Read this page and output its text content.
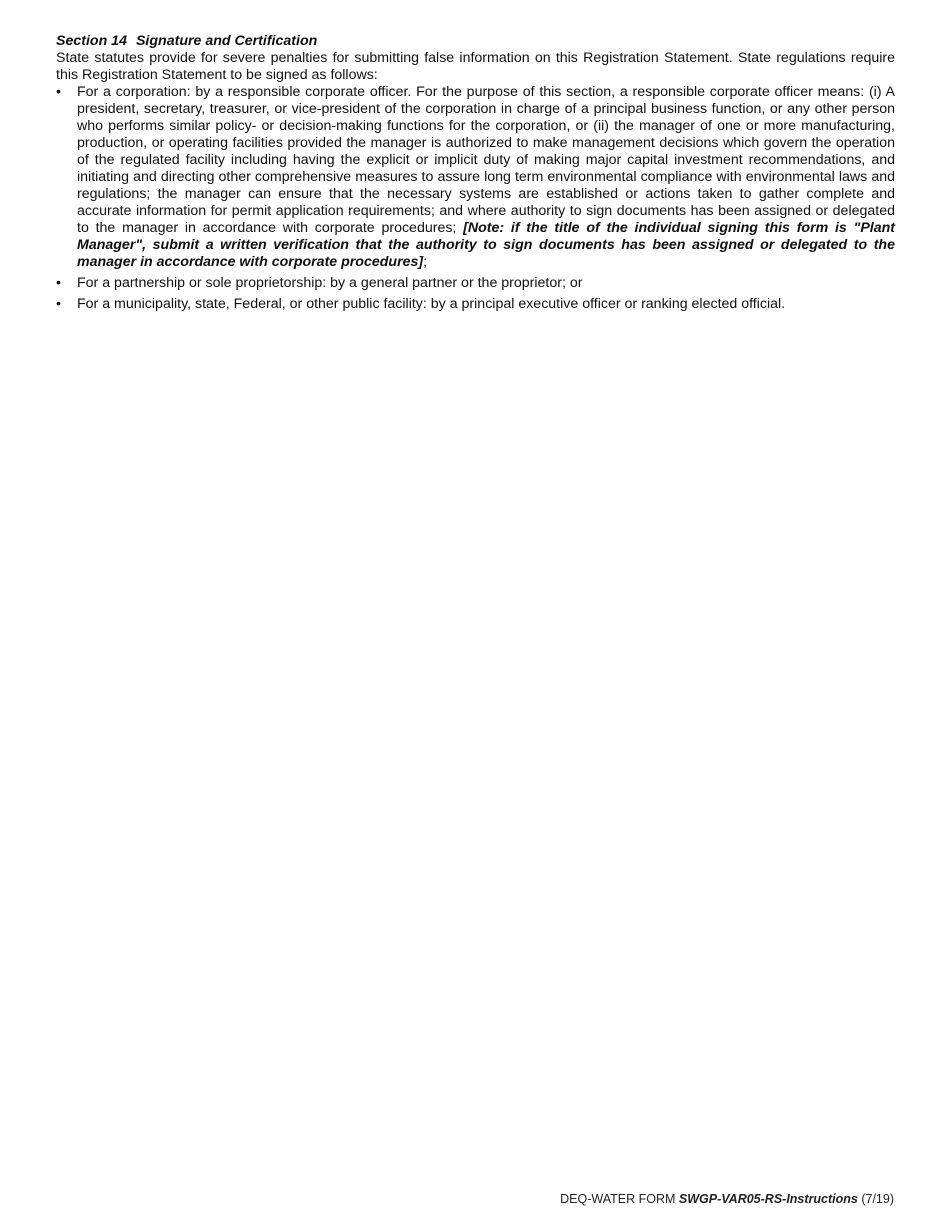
Section 14 Signature and Certification

State statutes provide for severe penalties for submitting false information on this Registration Statement. State regulations require this Registration Statement to be signed as follows:

•	For a corporation: by a responsible corporate officer. For the purpose of this section, a responsible corporate officer means: (i) A president, secretary, treasurer, or vice-president of the corporation in charge of a principal business function, or any other person who performs similar policy- or decision-making functions for the corporation, or (ii) the manager of one or more manufacturing, production, or operating facilities provided the manager is authorized to make management decisions which govern the operation of the regulated facility including having the explicit or implicit duty of making major capital investment recommendations, and initiating and directing other comprehensive measures to assure long term environmental compliance with environmental laws and regulations; the manager can ensure that the necessary systems are established or actions taken to gather complete and accurate information for permit application requirements; and where authority to sign documents has been assigned or delegated to the manager in accordance with corporate procedures; [Note: if the title of the individual signing this form is "Plant Manager", submit a written verification that the authority to sign documents has been assigned or delegated to the manager in accordance with corporate procedures];
•	For a partnership or sole proprietorship: by a general partner or the proprietor; or
•	For a municipality, state, Federal, or other public facility: by a principal executive officer or ranking elected official.
DEQ-WATER FORM SWGP-VAR05-RS-Instructions (7/19)
